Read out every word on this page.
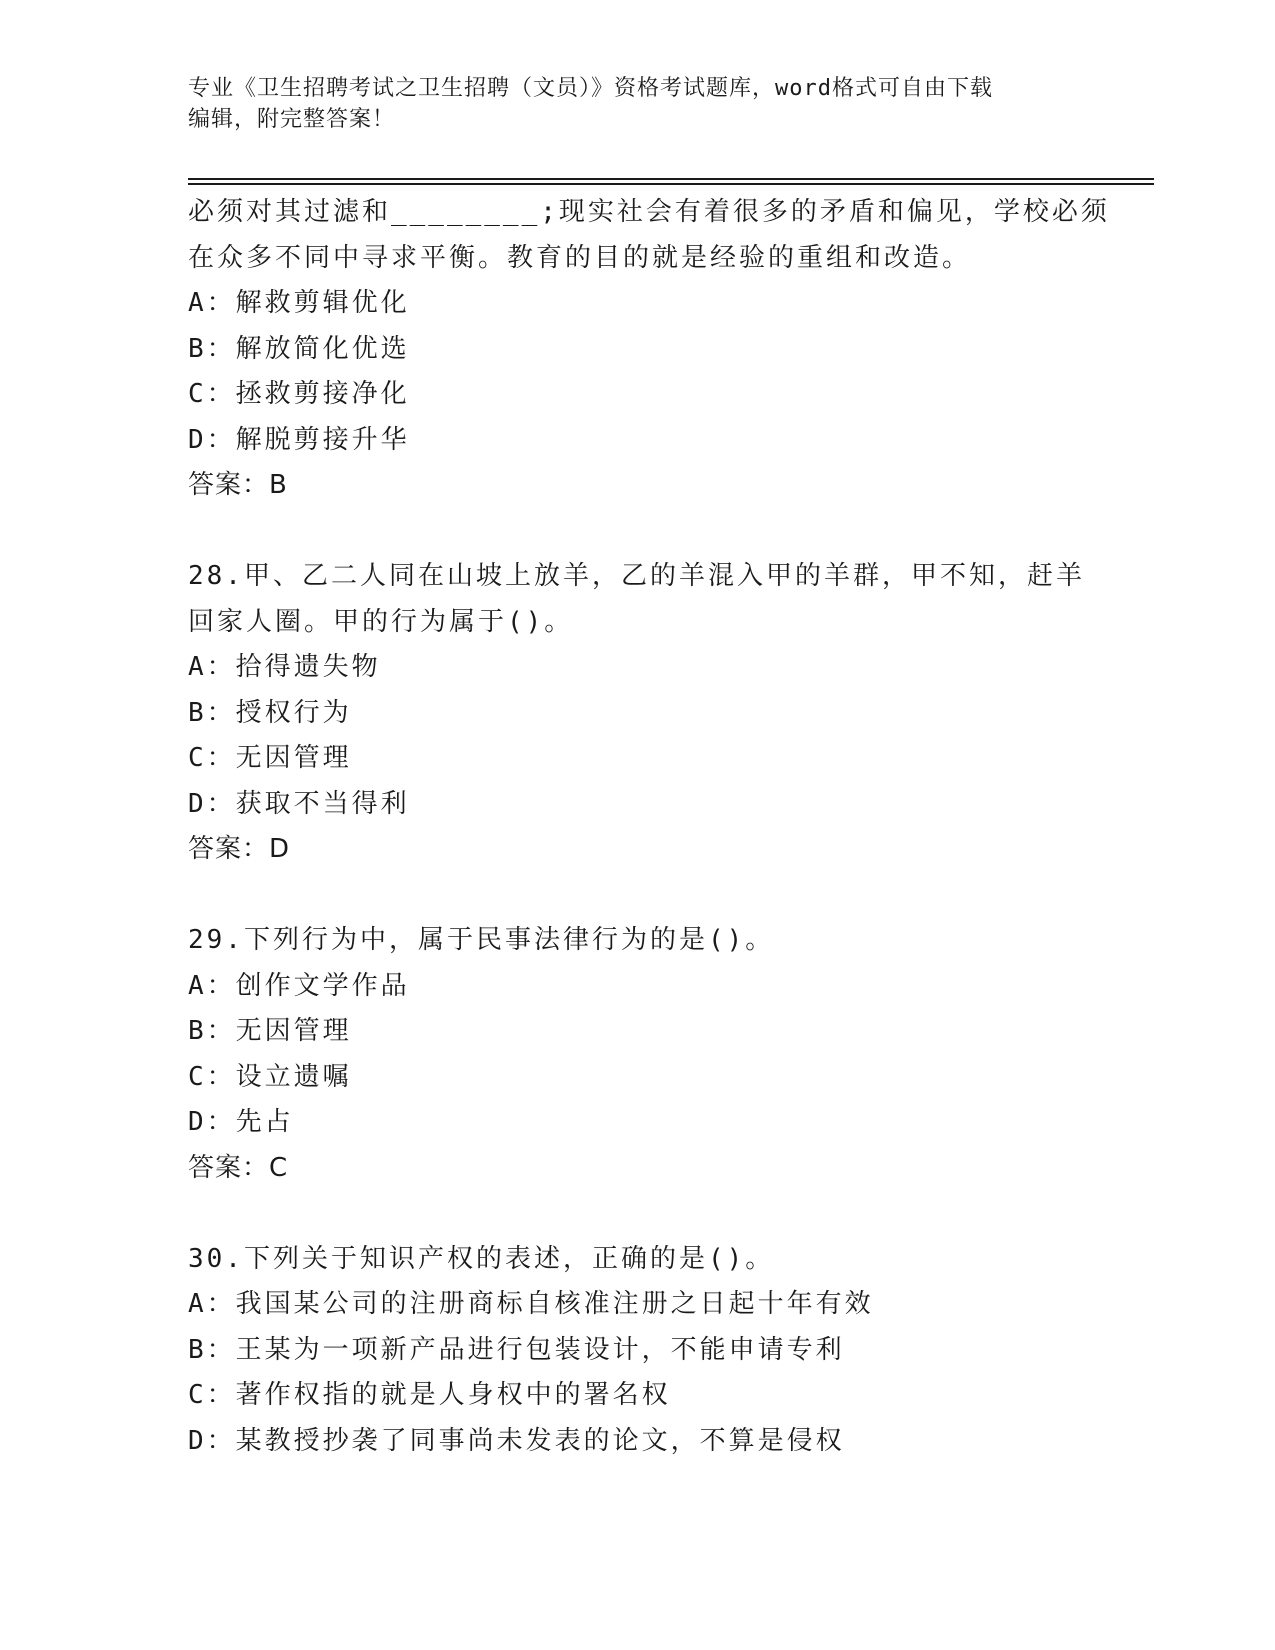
专业《卫生招聘考试之卫生招聘（文员）》资格考试题库，word格式可自由下载
编辑，附完整答案！
必须对其过滤和________;现实社会有着很多的矛盾和偏见，学校必须
在众多不同中寻求平衡。教育的目的就是经验的重组和改造。
A：解救剪辑优化
B：解放简化优选
C：拯救剪接净化
D：解脱剪接升华
答案：B
28.甲、乙二人同在山坡上放羊，乙的羊混入甲的羊群，甲不知，赶羊
回家人圈。甲的行为属于()。
A：拾得遗失物
B：授权行为
C：无因管理
D：获取不当得利
答案：D
29.下列行为中，属于民事法律行为的是()。
A：创作文学作品
B：无因管理
C：设立遗嘱
D：先占
答案：C
30.下列关于知识产权的表述，正确的是()。
A：我国某公司的注册商标自核准注册之日起十年有效
B：王某为一项新产品进行包装设计，不能申请专利
C：著作权指的就是人身权中的署名权
D：某教授抄袭了同事尚未发表的论文，不算是侵权
